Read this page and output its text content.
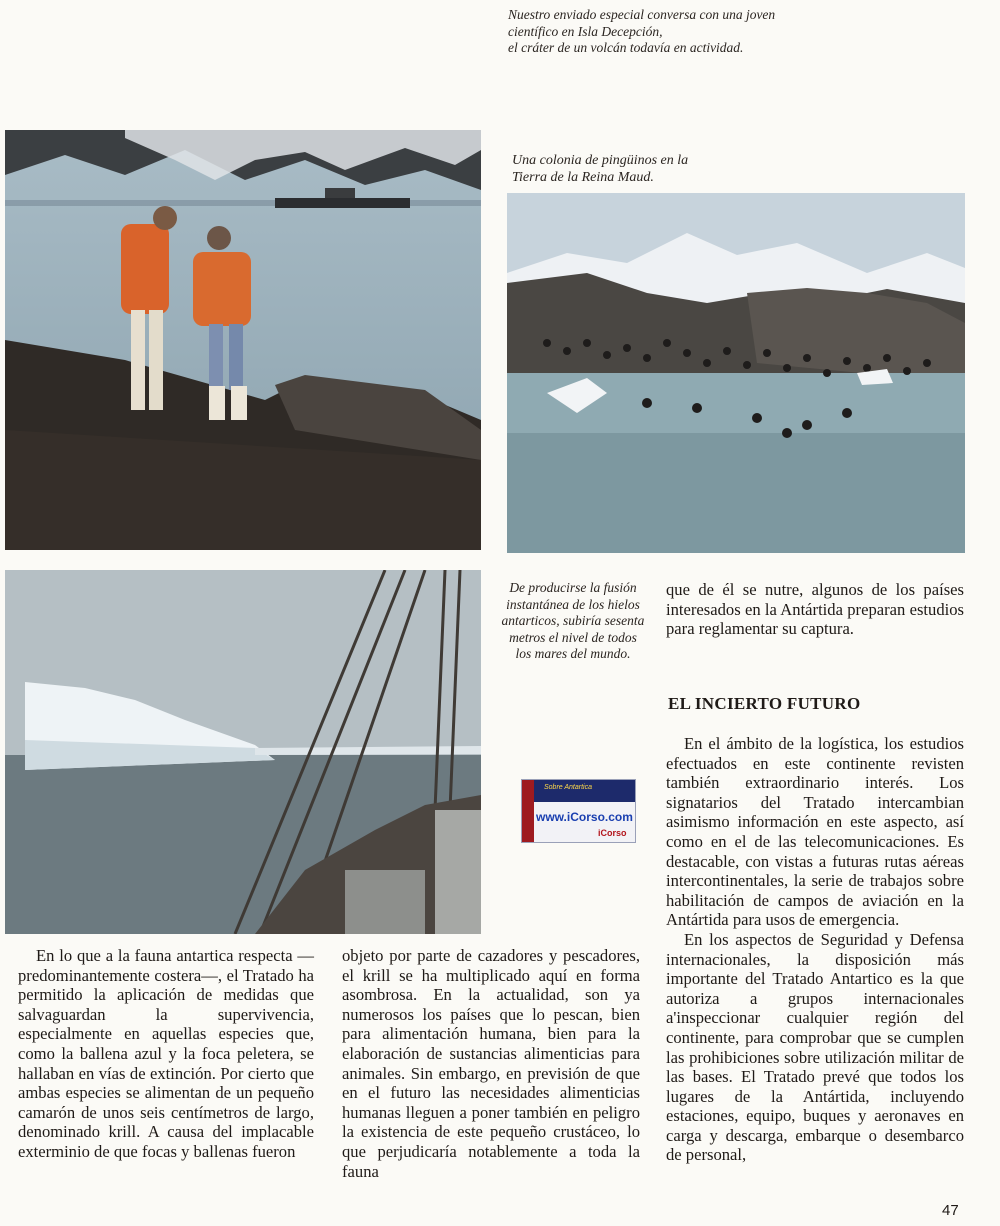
Nuestro enviado especial conversa con una joven
científico en Isla Decepción,
el cráter de un volcán todavía en actividad.
Una colonia de pingüinos en la
Tierra de la Reina Maud.
De producirse la fusión instantánea de los hielos antarticos, subiría sesenta metros el nivel de todos los mares del mundo.
Sobre Antartica
www.iCorso.com
iCorso

que de él se nutre, algunos de los países interesados en la Antártida preparan estudios para reglamentar su captura.

EL INCIERTO FUTURO

En el ámbito de la logística, los estudios efectuados en este continente revisten también extraordinario interés. Los signatarios del Tratado intercambian asimismo información en este aspecto, así como en el de las telecomunicaciones. Es destacable, con vistas a futuras rutas aéreas intercontinentales, la serie de trabajos sobre habilitación de campos de aviación en la Antártida para usos de emergencia.

En los aspectos de Seguridad y Defensa internacionales, la disposición más importante del Tratado Antartico es la que autoriza a grupos internacionales a'inspeccionar cualquier región del continente, para comprobar que se cumplen las prohibiciones sobre utilización militar de las bases. El Tratado prevé que todos los lugares de la Antártida, incluyendo estaciones, equipo, buques y aeronaves en carga y descarga, embarque o desembarco de personal,

En lo que a la fauna antartica respecta —predominantemente costera—, el Tratado ha permitido la aplicación de medidas que salvaguardan la supervivencia, especialmente en aquellas especies que, como la ballena azul y la foca peletera, se hallaban en vías de extinción. Por cierto que ambas especies se alimentan de un pequeño camarón de unos seis centímetros de largo, denominado krill. A causa del implacable exterminio de que focas y ballenas fueron

objeto por parte de cazadores y pescadores, el krill se ha multiplicado aquí en forma asombrosa. En la actualidad, son ya numerosos los países que lo pescan, bien para alimentación humana, bien para la elaboración de sustancias alimenticias para animales. Sin embargo, en previsión de que en el futuro las necesidades alimenticias humanas lleguen a poner también en peligro la existencia de este pequeño crustáceo, lo que perjudicaría notablemente a toda la fauna

47
